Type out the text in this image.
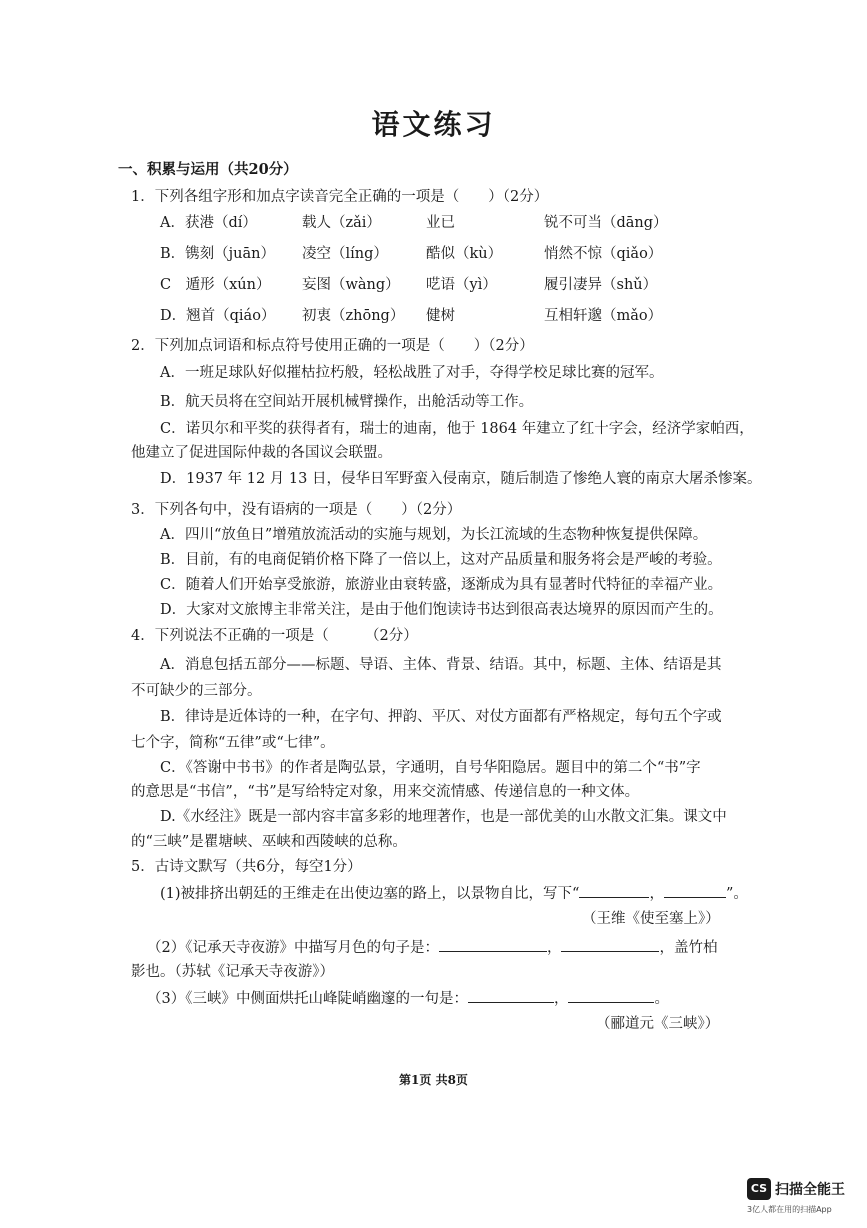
语文练习
一、积累与运用（共20分）
1．下列各组字形和加点字读音完全正确的一项是（　　）（2分）
A．获港（dí）	载人（zǎi）	业已	锐不可当（dāng）
B．镌刻（juān） 凌空（líng）	酷似（kù）	悄然不惊（qiǎo）
C　遁形（xún） 妄图（wàng） 呓语（yì）	履引凄异（shǔ）
D．翘首（qiáo） 初衷（zhōng） 健树	互相轩邈（mǎo）
2．下列加点词语和标点符号使用正确的一项是（　　）（2分）
A．一班足球队好似摧枯拉朽般，轻松战胜了对手，夺得学校足球比赛的冠军。
B．航天员将在空间站开展机械臂操作，出舱活动等工作。
C．诺贝尔和平奖的获得者有，瑞士的迪南，他于 1864 年建立了红十字会，经济学家帕西，
他建立了促进国际仲裁的各国议会联盟。
D．1937 年 12 月 13 日，侵华日军野蛮入侵南京，随后制造了惨绝人寰的南京大屠杀惨案。
3．下列各句中，没有语病的一项是（　　）（2分）
A．四川“放鱼日”增殖放流活动的实施与规划，为长江流域的生态物种恢复提供保障。
B．目前，有的电商促销价格下降了一倍以上，这对产品质量和服务将会是严峻的考验。
C．随着人们开始享受旅游，旅游业由衰转盛，逐渐成为具有显著时代特征的幸福产业。
D．大家对文旅博主非常关注，是由于他们饱读诗书达到很高表达境界的原因而产生的。
4．下列说法不正确的一项是（　　　（2分）
A．消息包括五部分——标题、导语、主体、背景、结语。其中，标题、主体、结语是其
不可缺少的三部分。
B．律诗是近体诗的一种，在字句、押韵、平仄、对仗方面都有严格规定，每句五个字或
七个字，简称“五律”或“七律”。
C．《答谢中书书》的作者是陶弘景，字通明，自号华阳隐居。题目中的第二个“书”字
的意思是“书信”，“书”是写给特定对象，用来交流情感、传递信息的一种文体。
D.《水经注》既是一部内容丰富多彩的地理著作，也是一部优美的山水散文汇集。课文中
的“三峡”是瞿塘峡、巫峡和西陵峡的总称。
5．古诗文默写（共6分，每空1分）
(1)被排挤出朝廷的王维走在出使边塞的路上，以景物自比，写下“	，	”。
（王维《使至塞上》）
（2）《记承天寺夜游》中描写月色的句子是：	，	，盖竹柏
影也。（苏轼《记承天寺夜游》）
（3）《三峡》中侧面烘托山峰陡峭幽邃的一句是：	，	。
（郦道元《三峡》）
第1页 共8页
CS 扫描全能王
3亿人都在用的扫描App
